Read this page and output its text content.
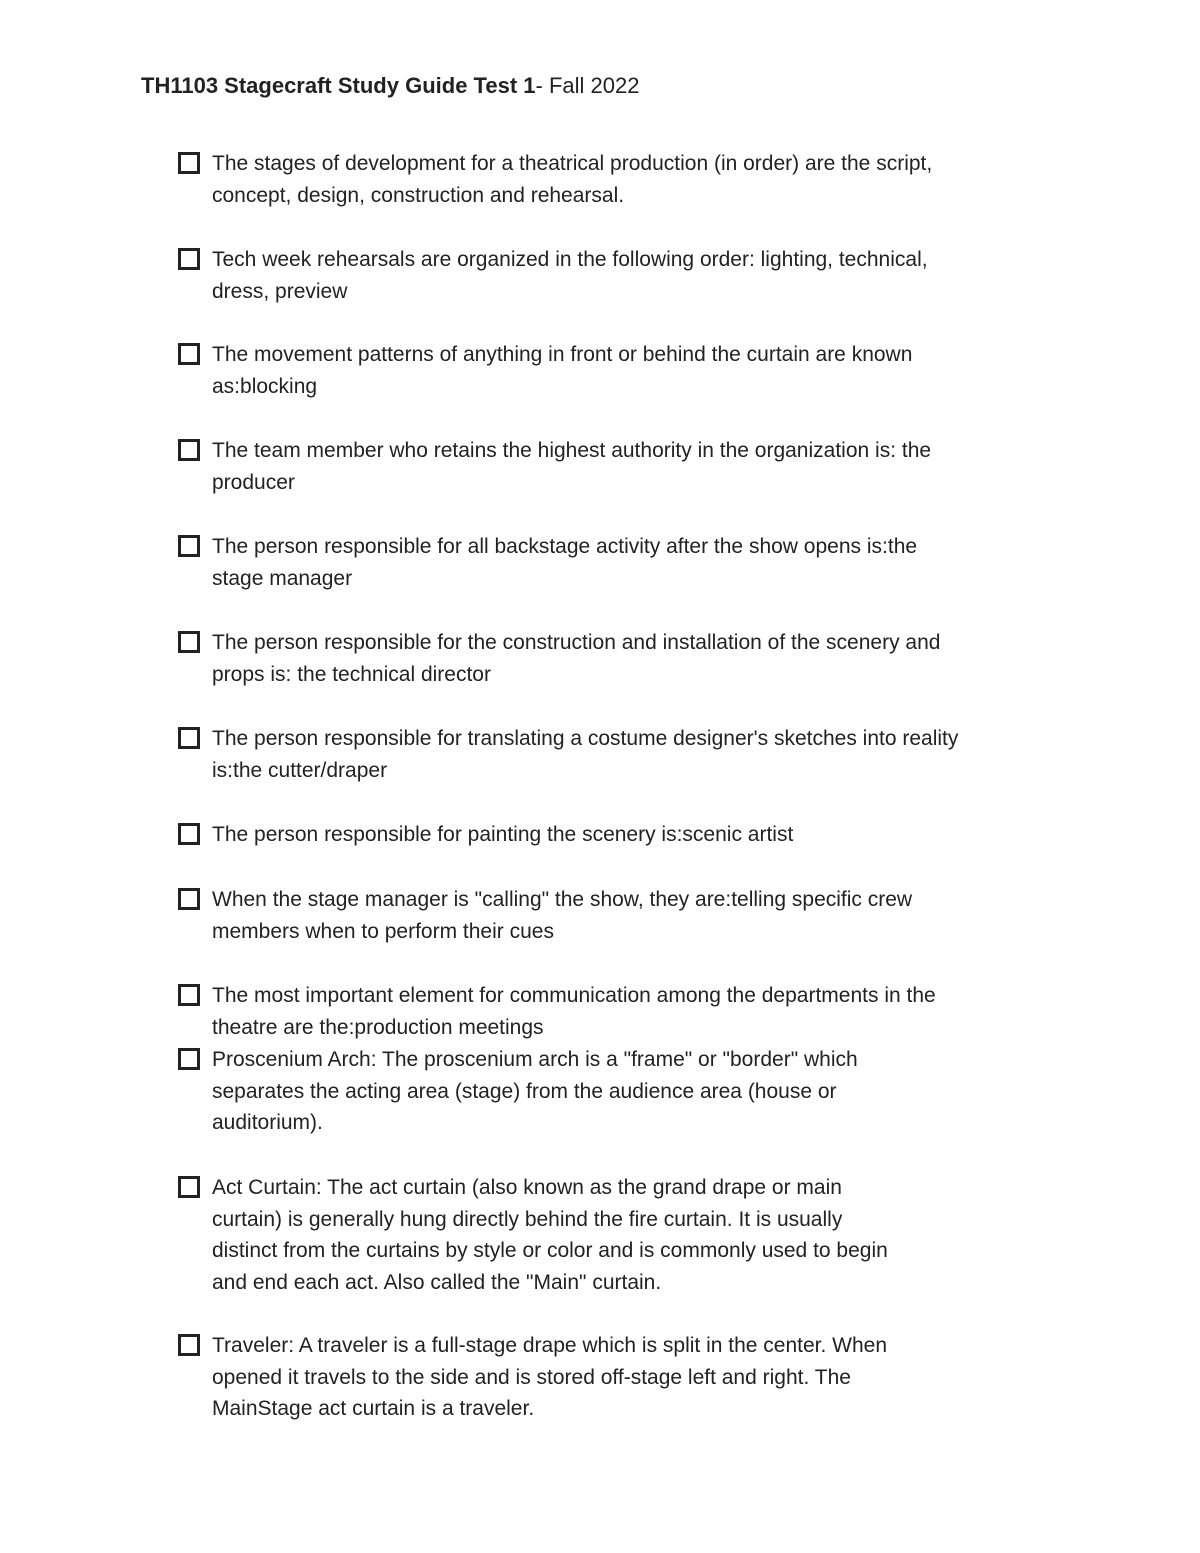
TH1103 Stagecraft Study Guide Test 1- Fall 2022
The stages of development for a theatrical production (in order) are the script,
concept, design, construction and rehearsal.
Tech week rehearsals are organized in the following order: lighting, technical,
dress, preview
The movement patterns of anything in front or behind the curtain are known
as:blocking
The team member who retains the highest authority in the organization is: the
producer
The person responsible for all backstage activity after the show opens is:the
stage manager
The person responsible for the construction and installation of the scenery and
props is: the technical director
The person responsible for translating a costume designer's sketches into reality
is:the cutter/draper
The person responsible for painting the scenery is:scenic artist
When the stage manager is "calling" the show, they are:telling specific crew
members when to perform their cues
The most important element for communication among the departments in the
theatre are the:production meetings
Proscenium Arch: The proscenium arch is a "frame" or "border" which
separates the acting area (stage) from the audience area (house or
auditorium).
Act Curtain: The act curtain (also known as the grand drape or main
curtain) is generally hung directly behind the fire curtain. It is usually
distinct from the curtains by style or color and is commonly used to begin
and end each act. Also called the "Main" curtain.
Traveler: A traveler is a full-stage drape which is split in the center. When
opened it travels to the side and is stored off-stage left and right. The
MainStage act curtain is a traveler.
